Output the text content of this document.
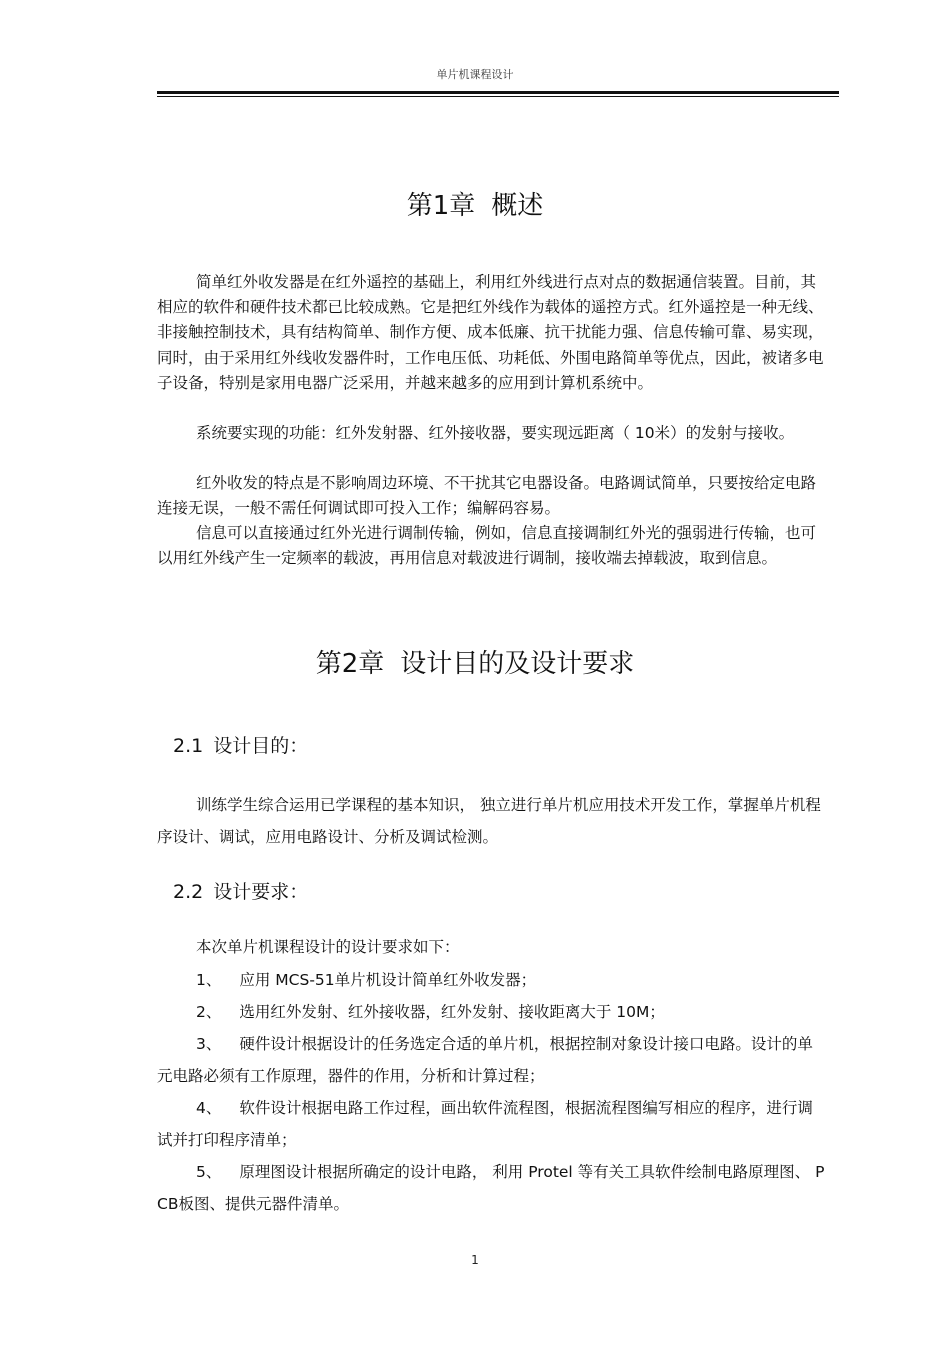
单片机课程设计
第1章 概述

简单红外收发器是在红外遥控的基础上，利用红外线进行点对点的数据通信装置。目前，其相应的软件和硬件技术都已比较成熟。它是把红外线作为载体的遥控方式。红外遥控是一种无线、非接触控制技术，具有结构简单、制作方便、成本低廉、抗干扰能力强、信息传输可靠、易实现，同时，由于采用红外线收发器件时，工作电压低、功耗低、外围电路简单等优点，因此，被诸多电子设备，特别是家用电器广泛采用，并越来越多的应用到计算机系统中。

系统要实现的功能：红外发射器、红外接收器，要实现远距离（ 10米）的发射与接收。

红外收发的特点是不影响周边环境、不干扰其它电器设备。电路调试简单，只要按给定电路连接无误，一般不需任何调试即可投入工作；编解码容易。

信息可以直接通过红外光进行调制传输，例如，信息直接调制红外光的强弱进行传输，也可以用红外线产生一定频率的载波，再用信息对载波进行调制，接收端去掉载波，取到信息。

第2章 设计目的及设计要求
2.1 设计目的：

训练学生综合运用已学课程的基本知识， 独立进行单片机应用技术开发工作，掌握单片机程序设计、调试，应用电路设计、分析及调试检测。

2.2 设计要求：

本次单片机课程设计的设计要求如下：

1、 应用 MCS-51单片机设计简单红外收发器；

2、 选用红外发射、红外接收器，红外发射、接收距离大于 10M；

3、 硬件设计根据设计的任务选定合适的单片机，根据控制对象设计接口电路。设计的单元电路必须有工作原理，器件的作用，分析和计算过程；

4、 软件设计根据电路工作过程，画出软件流程图，根据流程图编写相应的程序，进行调试并打印程序清单；

5、 原理图设计根据所确定的设计电路， 利用 Protel 等有关工具软件绘制电路原理图、 PCB板图、提供元器件清单。

1
